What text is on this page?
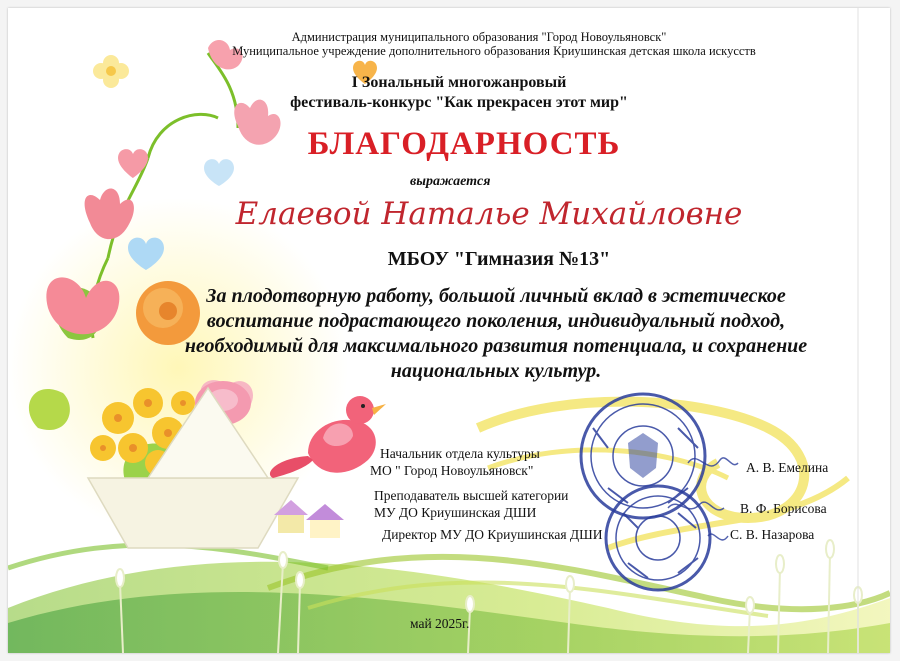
Администрация муниципального образования "Город Новоульяновск"
Муниципальное учреждение дополнительного образования Криушинская детская школа искусств
I Зональный многожанровый
фестиваль-конкурс "Как прекрасен этот мир"
БЛАГОДАРНОСТЬ
выражается
Елаевой Наталье Михайловне
МБОУ "Гимназия №13"
За плодотворную работу, большой личный вклад в эстетическое воспитание подрастающего поколения, индивидуальный подход, необходимый для максимального развития потенциала, и сохранение национальных культур.
Начальник отдела культуры
МО " Город Новоульяновск"	А. В. Емелина
Преподаватель высшей категории
МУ ДО Криушинская ДШИ	В. Ф. Борисова
Директор МУ ДО Криушинская ДШИ	С. В. Назарова
май 2025г.
